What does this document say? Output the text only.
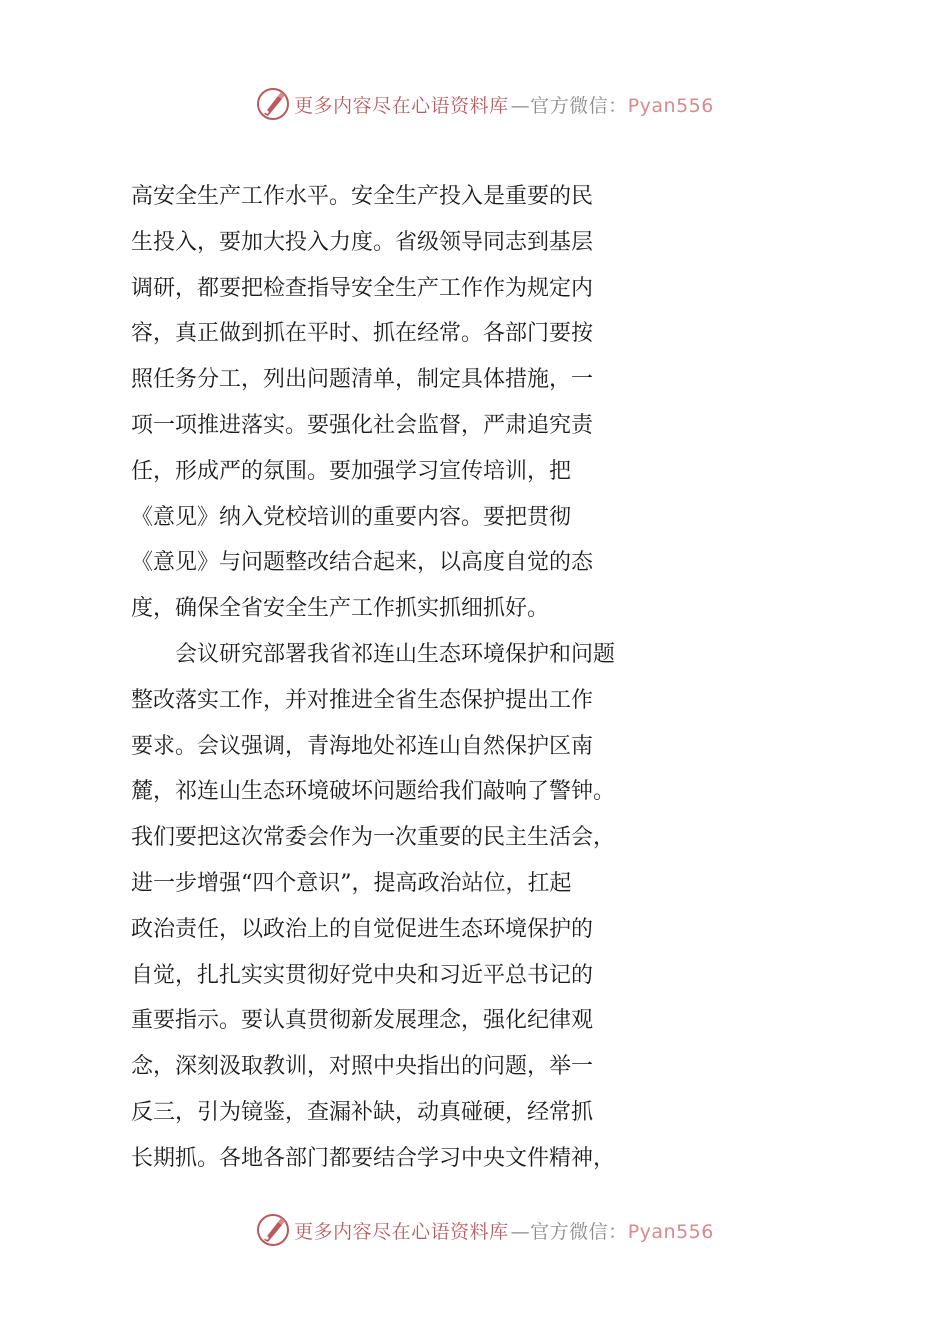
更多内容尽在心语资料库 —官方微信：Pyan556
高安全生产工作水平。安全生产投入是重要的民
生投入，要加大投入力度。省级领导同志到基层
调研，都要把检查指导安全生产工作作为规定内
容，真正做到抓在平时、抓在经常。各部门要按
照任务分工，列出问题清单，制定具体措施，一
项一项推进落实。要强化社会监督，严肃追究责
任，形成严的氛围。要加强学习宣传培训，把
《意见》纳入党校培训的重要内容。要把贯彻
《意见》与问题整改结合起来，以高度自觉的态
度，确保全省安全生产工作抓实抓细抓好。
　　会议研究部署我省祁连山生态环境保护和问题
整改落实工作，并对推进全省生态保护提出工作
要求。会议强调，青海地处祁连山自然保护区南
麓，祁连山生态环境破坏问题给我们敲响了警钟。
我们要把这次常委会作为一次重要的民主生活会，
进一步增强“四个意识”，提高政治站位，扛起
政治责任，以政治上的自觉促进生态环境保护的
自觉，扎扎实实贯彻好党中央和习近平总书记的
重要指示。要认真贯彻新发展理念，强化纪律观
念，深刻汲取教训，对照中央指出的问题，举一
反三，引为镜鉴，查漏补缺，动真碰硬，经常抓
长期抓。各地各部门都要结合学习中央文件精神，
更多内容尽在心语资料库 —官方微信：Pyan556
